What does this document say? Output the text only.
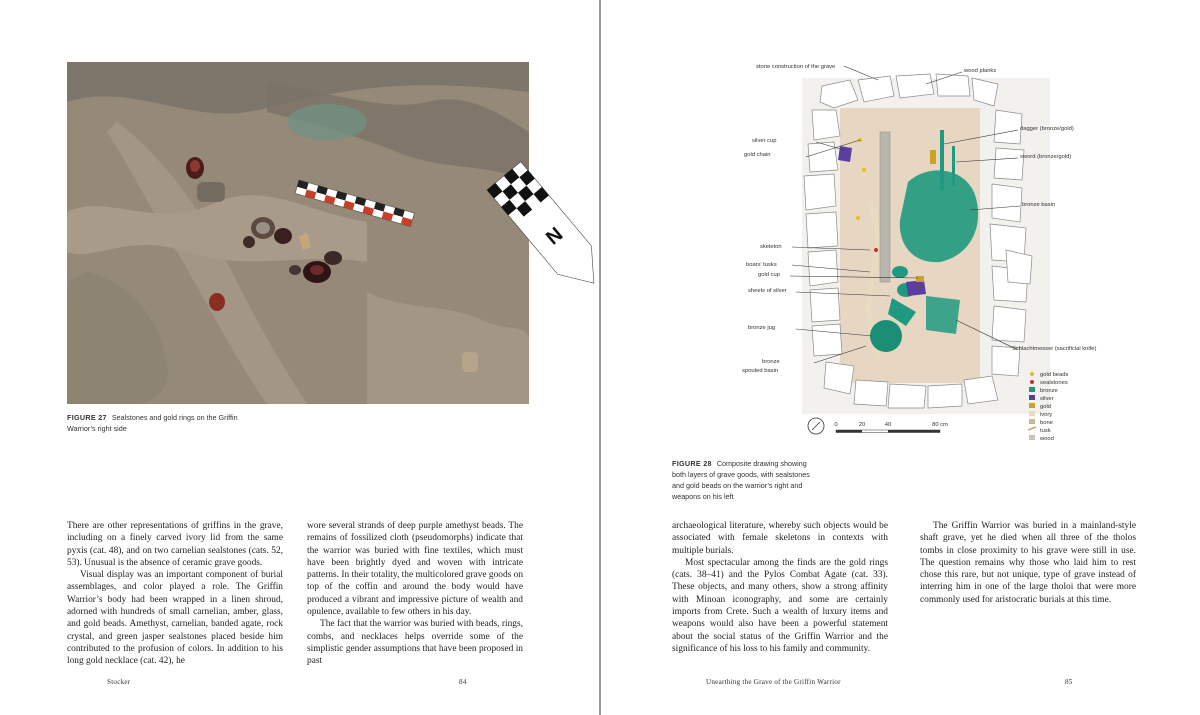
N
FIGURE 27 Sealstones and gold rings on the Griffin Warrior’s right side

There are other representations of griffins in the grave, including on a finely carved ivory lid from the same pyxis (cat. 48), and on two carnelian sealstones (cats. 52, 53). Unusual is the absence of ceramic grave goods.

Visual display was an important component of burial assemblages, and color played a role. The Griffin Warrior’s body had been wrapped in a linen shroud, adorned with hundreds of small carnelian, amber, glass, and gold beads. Amethyst, carnelian, banded agate, rock crystal, and green jasper sealstones placed beside him contributed to the profusion of colors. In addition to his long gold necklace (cat. 42), he

wore several strands of deep purple amethyst beads. The remains of fossilized cloth (pseudomorphs) indicate that the warrior was buried with fine textiles, which must have been brightly dyed and woven with intricate patterns. In their totality, the multicolored grave goods on top of the coffin and around the body would have produced a vibrant and impressive picture of wealth and opulence, available to few others in his day.

The fact that the warrior was buried with beads, rings, combs, and necklaces helps override some of the simplistic gender assumptions that have been proposed in past

Stocker	84
stone construction of the grave
silver cup
gold chain
skeleton
boars’ tusks
gold cup
sheets of silver
bronze jug
bronze
spouted basin
wood planks
dagger (bronze/gold)
sword (bronze/gold)
bronze basin
Schlachtmesser (sacrificial knife)
gold beads
sealstones
bronze
silver
gold
ivory
bone
tusk
wood
0	20	40	80 cm
FIGURE 28 Composite drawing showing both layers of grave goods, with sealstones and gold beads on the warrior’s right and weapons on his left

archaeological literature, whereby such objects would be associated with female skeletons in contexts with multiple burials.

Most spectacular among the finds are the gold rings (cats. 38–41) and the Pylos Combat Agate (cat. 33). These objects, and many others, show a strong affinity with Minoan iconography, and some are certainly imports from Crete. Such a wealth of luxury items and weapons would also have been a powerful statement about the social status of the Griffin Warrior and the significance of his loss to his family and community.

The Griffin Warrior was buried in a mainland-style shaft grave, yet he died when all three of the tholos tombs in close proximity to his grave were still in use. The question remains why those who laid him to rest chose this rare, but not unique, type of grave instead of interring him in one of the large tholoi that were more commonly used for aristocratic burials at this time.

Unearthing the Grave of the Griffin Warrior	85
